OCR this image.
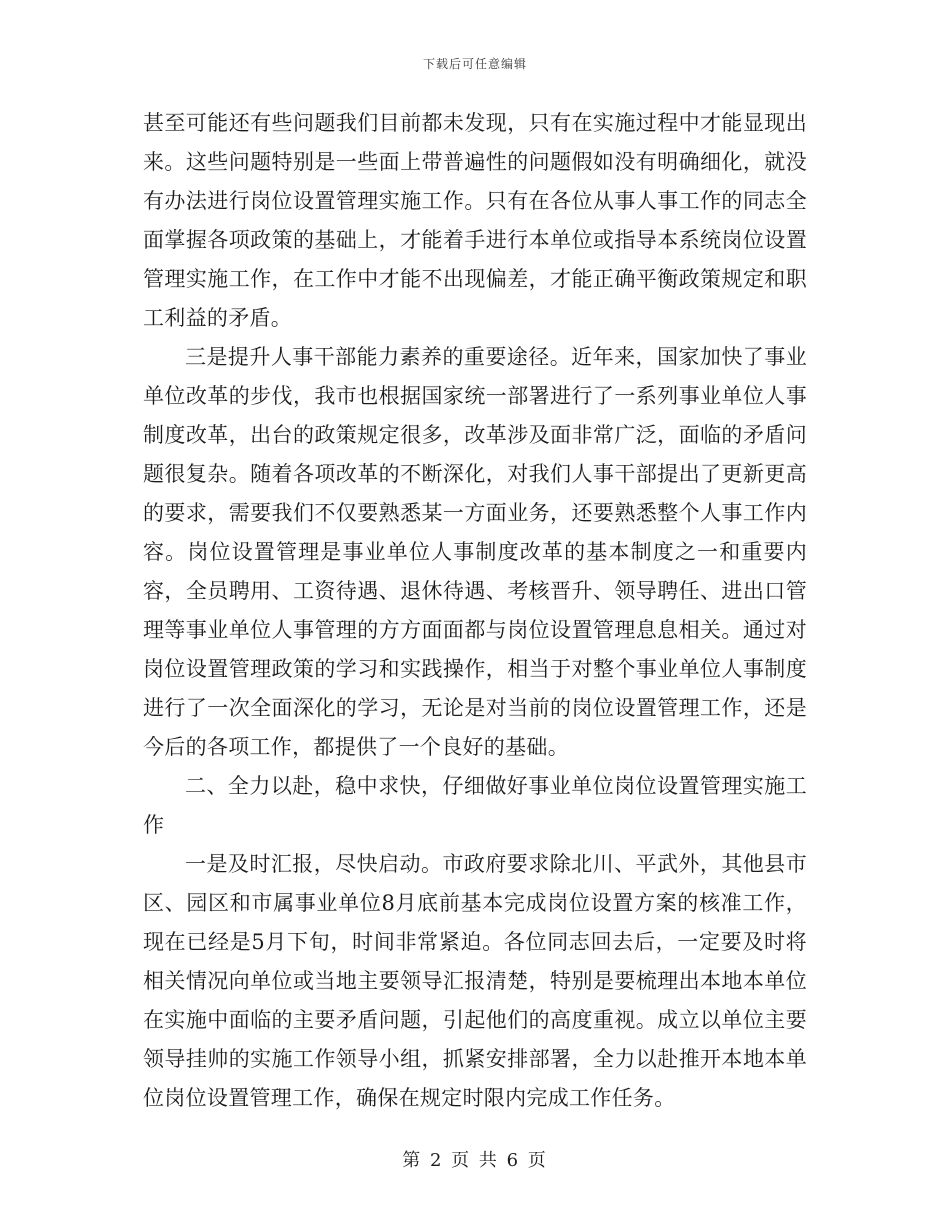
下载后可任意编辑

甚至可能还有些问题我们目前都未发现，只有在实施过程中才能显现出来。这些问题特别是一些面上带普遍性的问题假如没有明确细化，就没有办法进行岗位设置管理实施工作。只有在各位从事人事工作的同志全面掌握各项政策的基础上，才能着手进行本单位或指导本系统岗位设置管理实施工作，在工作中才能不出现偏差，才能正确平衡政策规定和职工利益的矛盾。

三是提升人事干部能力素养的重要途径。近年来，国家加快了事业单位改革的步伐，我市也根据国家统一部署进行了一系列事业单位人事制度改革，出台的政策规定很多，改革涉及面非常广泛，面临的矛盾问题很复杂。随着各项改革的不断深化，对我们人事干部提出了更新更高的要求，需要我们不仅要熟悉某一方面业务，还要熟悉整个人事工作内容。岗位设置管理是事业单位人事制度改革的基本制度之一和重要内容，全员聘用、工资待遇、退休待遇、考核晋升、领导聘任、进出口管理等事业单位人事管理的方方面面都与岗位设置管理息息相关。通过对岗位设置管理政策的学习和实践操作，相当于对整个事业单位人事制度进行了一次全面深化的学习，无论是对当前的岗位设置管理工作，还是今后的各项工作，都提供了一个良好的基础。

二、全力以赴，稳中求快，仔细做好事业单位岗位设置管理实施工作

一是及时汇报，尽快启动。市政府要求除北川、平武外，其他县市区、园区和市属事业单位8月底前基本完成岗位设置方案的核准工作，现在已经是5月下旬，时间非常紧迫。各位同志回去后，一定要及时将相关情况向单位或当地主要领导汇报清楚，特别是要梳理出本地本单位在实施中面临的主要矛盾问题，引起他们的高度重视。成立以单位主要领导挂帅的实施工作领导小组，抓紧安排部署，全力以赴推开本地本单位岗位设置管理工作，确保在规定时限内完成工作任务。

第 2 页 共 6 页
